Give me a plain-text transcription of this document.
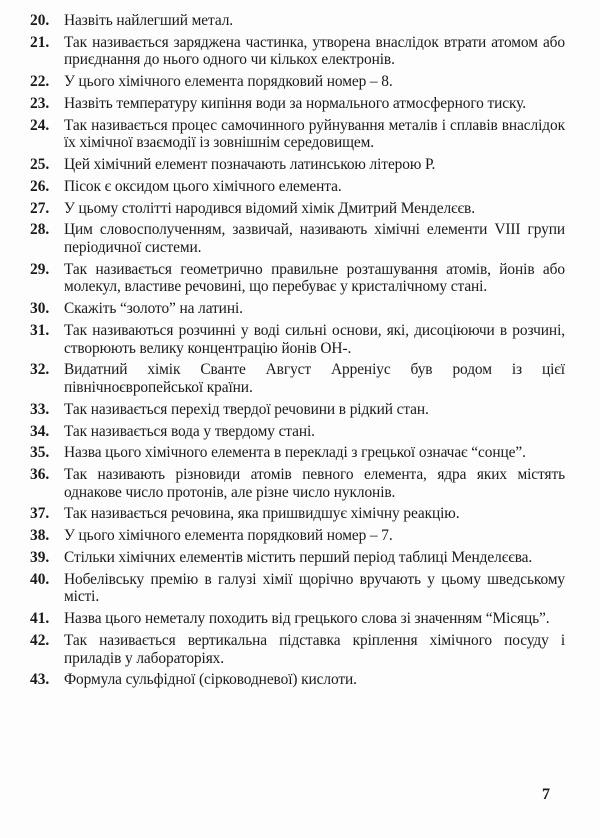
20. Назвіть найлегший метал.
21. Так називається заряджена частинка, утворена внаслідок втрати атомом або приєднання до нього одного чи кількох електронів.
22. У цього хімічного елемента порядковий номер – 8.
23. Назвіть температуру кипіння води за нормального атмосферного тиску.
24. Так називається процес самочинного руйнування металів і сплавів внаслідок їх хімічної взаємодії із зовнішнім середовищем.
25. Цей хімічний елемент позначають латинською літерою Р.
26. Пісок є оксидом цього хімічного елемента.
27. У цьому столітті народився відомий хімік Дмитрий Менделєєв.
28. Цим словосполученням, зазвичай, називають хімічні елементи VIII групи періодичної системи.
29. Так називається геометрично правильне розташування атомів, йонів або молекул, властиве речовині, що перебуває у кристалічному стані.
30. Скажіть “золото” на латині.
31. Так називаються розчинні у воді сильні основи, які, дисоціюючи в розчині, створюють велику концентрацію йонів ОН-.
32. Видатний хімік Сванте Август Арреніус був родом із цієї північноєвропейської країни.
33. Так називається перехід твердої речовини в рідкий стан.
34. Так називається вода у твердому стані.
35. Назва цього хімічного елемента в перекладі з грецької означає “сонце”.
36. Так називають різновиди атомів певного елемента, ядра яких містять однакове число протонів, але різне число нуклонів.
37. Так називається речовина, яка пришвидшує хімічну реакцію.
38. У цього хімічного елемента порядковий номер – 7.
39. Стільки хімічних елементів містить перший період таблиці Менделєєва.
40. Нобелівську премію в галузі хімії щорічно вручають у цьому шведському місті.
41. Назва цього неметалу походить від грецького слова зі значенням “Місяць”.
42. Так називається вертикальна підставка кріплення хімічного посуду і приладів у лабораторіях.
43. Формула сульфідної (сірководневої) кислоти.
7
